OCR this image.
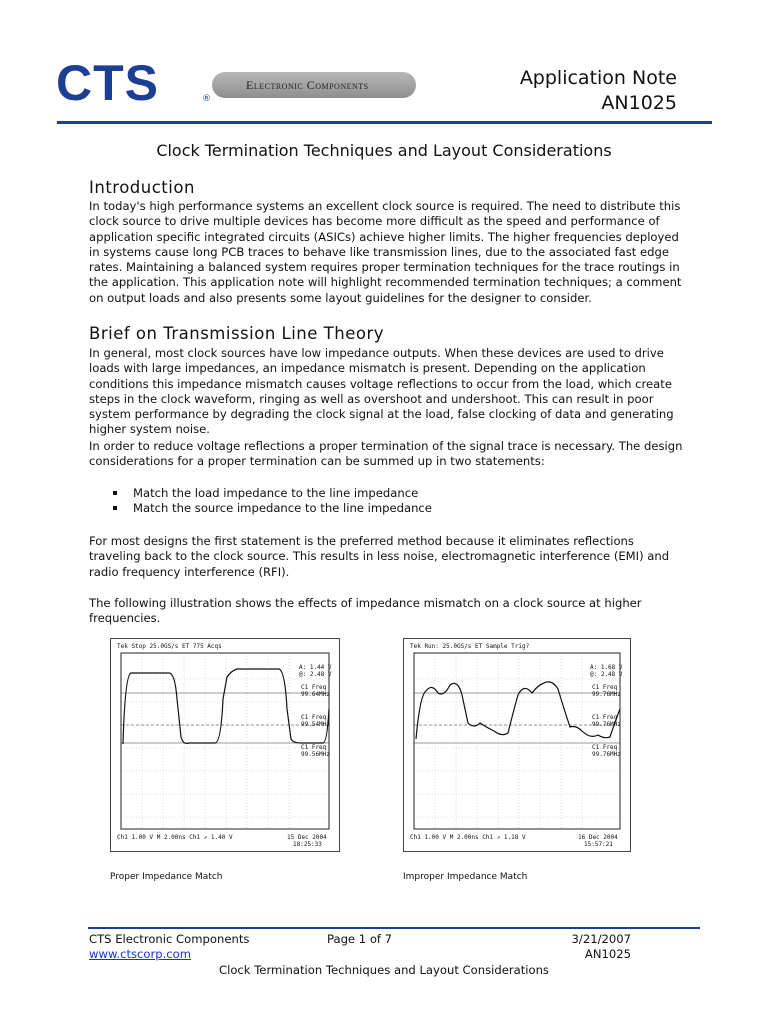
CTS	®
Electronic Components	Application Note
AN1025
Clock Termination Techniques and Layout Considerations
Introduction

In today's high performance systems an excellent clock source is required. The need to distribute this clock source to drive multiple devices has become more difficult as the speed and performance of application specific integrated circuits (ASICs) achieve higher limits. The higher frequencies deployed in systems cause long PCB traces to behave like transmission lines, due to the associated fast edge rates. Maintaining a balanced system requires proper termination techniques for the trace routings in the application. This application note will highlight recommended termination techniques; a comment on output loads and also presents some layout guidelines for the designer to consider.

Brief on Transmission Line Theory

In general, most clock sources have low impedance outputs. When these devices are used to drive loads with large impedances, an impedance mismatch is present. Depending on the application conditions this impedance mismatch causes voltage reflections to occur from the load, which create steps in the clock waveform, ringing as well as overshoot and undershoot. This can result in poor system performance by degrading the clock signal at the load, false clocking of data and generating higher system noise.

In order to reduce voltage reflections a proper termination of the signal trace is necessary. The design considerations for a proper termination can be summed up in two statements:

Match the load impedance to the line impedance
Match the source impedance to the line impedance

For most designs the first statement is the preferred method because it eliminates reflections traveling back to the clock source. This results in less noise, electromagnetic interference (EMI) and radio frequency interference (RFI).

The following illustration shows the effects of impedance mismatch on a clock source at higher frequencies.

Tek Stop 25.0GS/s ET 775 Acqs
A: 1.44 V
@: 2.48 V
C1 Freq
99.64MHz
C1 Freq
99.54MHz
C1 Freq
99.56MHz
Ch1 1.00 V M 2.00ns Ch1 ↗ 1.40 V	15 Dec 2004
18:25:33
Tek Run: 25.0GS/s ET Sample Trig?
A: 1.68 V
@: 2.48 V
C1 Freq
99.76MHz
C1 Freq
99.76MHz
C1 Freq
99.76MHz
Ch1 1.00 V M 2.00ns Ch1 ↗ 1.18 V	16 Dec 2004
15:57:21
Proper Impedance Match	Improper Impedance Match
CTS Electronic Components
www.ctscorp.com
Page 1 of 7	3/21/2007
AN1025
Clock Termination Techniques and Layout Considerations
